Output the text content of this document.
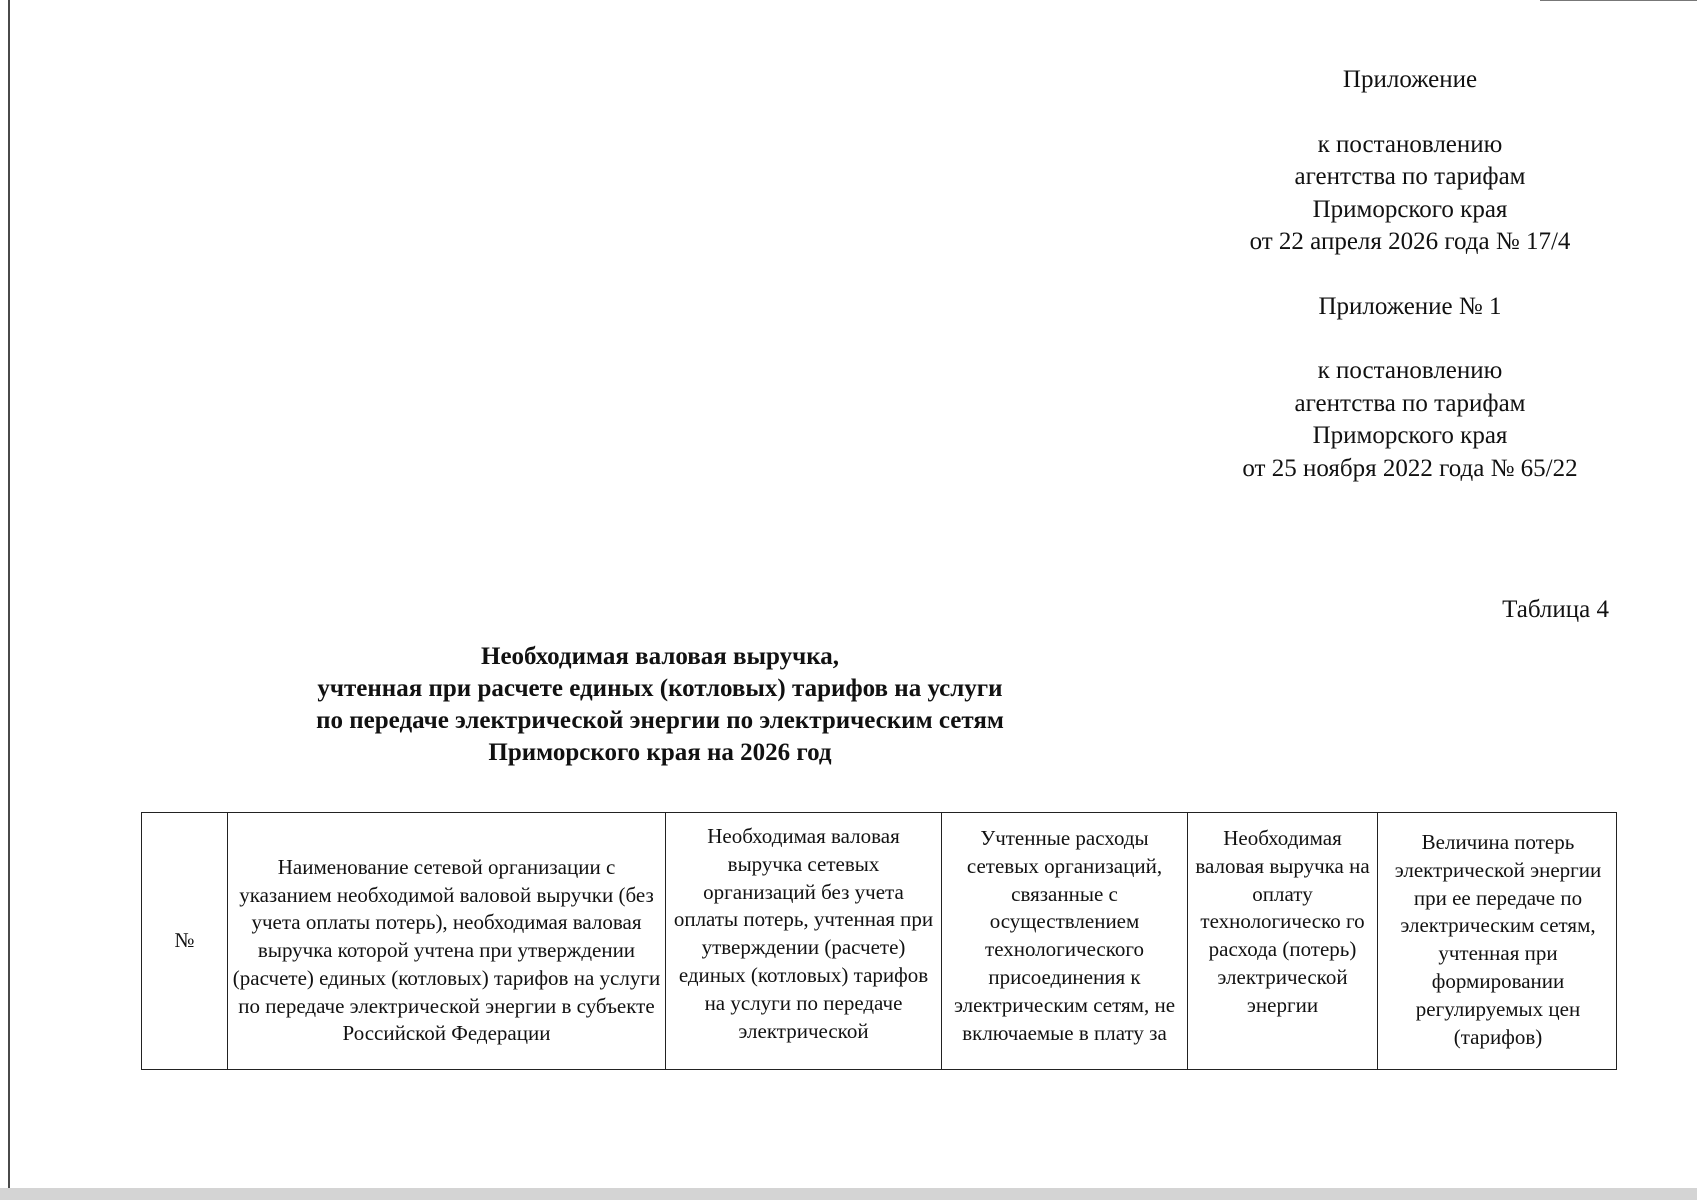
Приложение
к постановлению
агентства по тарифам
Приморского края
от 22 апреля 2026 года № 17/4
Приложение № 1
к постановлению
агентства по тарифам
Приморского края
от 25 ноября 2022 года № 65/22
Таблица 4
Необходимая валовая выручка,
учтенная при расчете единых (котловых) тарифов на услуги
по передаче электрической энергии по электрическим сетям
Приморского края на 2026 год
№
Наименование сетевой организации с указанием необходимой валовой выручки (без учета оплаты потерь), необходимая валовая выручка которой учтена при утверждении (расчете) единых (котловых) тарифов на услуги по передаче электрической энергии в субъекте Российской Федерации
Необходимая валовая выручка сетевых организаций без учета оплаты потерь, учтенная при утверждении (расчете) единых (котловых) тарифов на услуги по передаче электрической
Учтенные расходы сетевых организаций, связанные с осуществлением технологического присоединения к электрическим сетям, не включаемые в плату за
Необходимая валовая выручка на оплату технологическо го расхода (потерь) электрической энергии
Величина потерь электрической энергии при ее передаче по электрическим сетям, учтенная при формировании регулируемых цен (тарифов)
